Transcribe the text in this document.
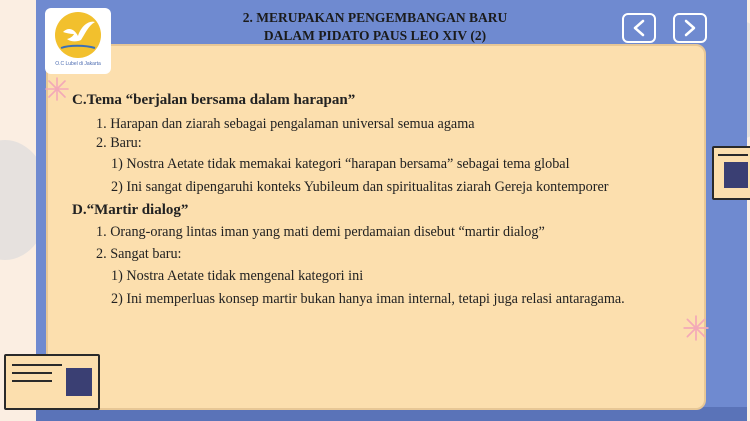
O.C Lubel di Jakarta
2. MERUPAKAN PENGEMBANGAN BARU
DALAM PIDATO PAUS LEO XIV (2)
C.Tema “berjalan bersama dalam harapan”
1. Harapan dan ziarah sebagai pengalaman universal semua agama
2. Baru:
1) Nostra Aetate tidak memakai kategori “harapan bersama” sebagai tema global
2) Ini sangat dipengaruhi konteks Yubileum dan spiritualitas ziarah Gereja kontemporer
D.“Martir dialog”
1. Orang-orang lintas iman yang mati demi perdamaian disebut “martir dialog”
2. Sangat baru:
1) Nostra Aetate tidak mengenal kategori ini
2) Ini memperluas konsep martir bukan hanya iman internal, tetapi juga relasi antaragama.
